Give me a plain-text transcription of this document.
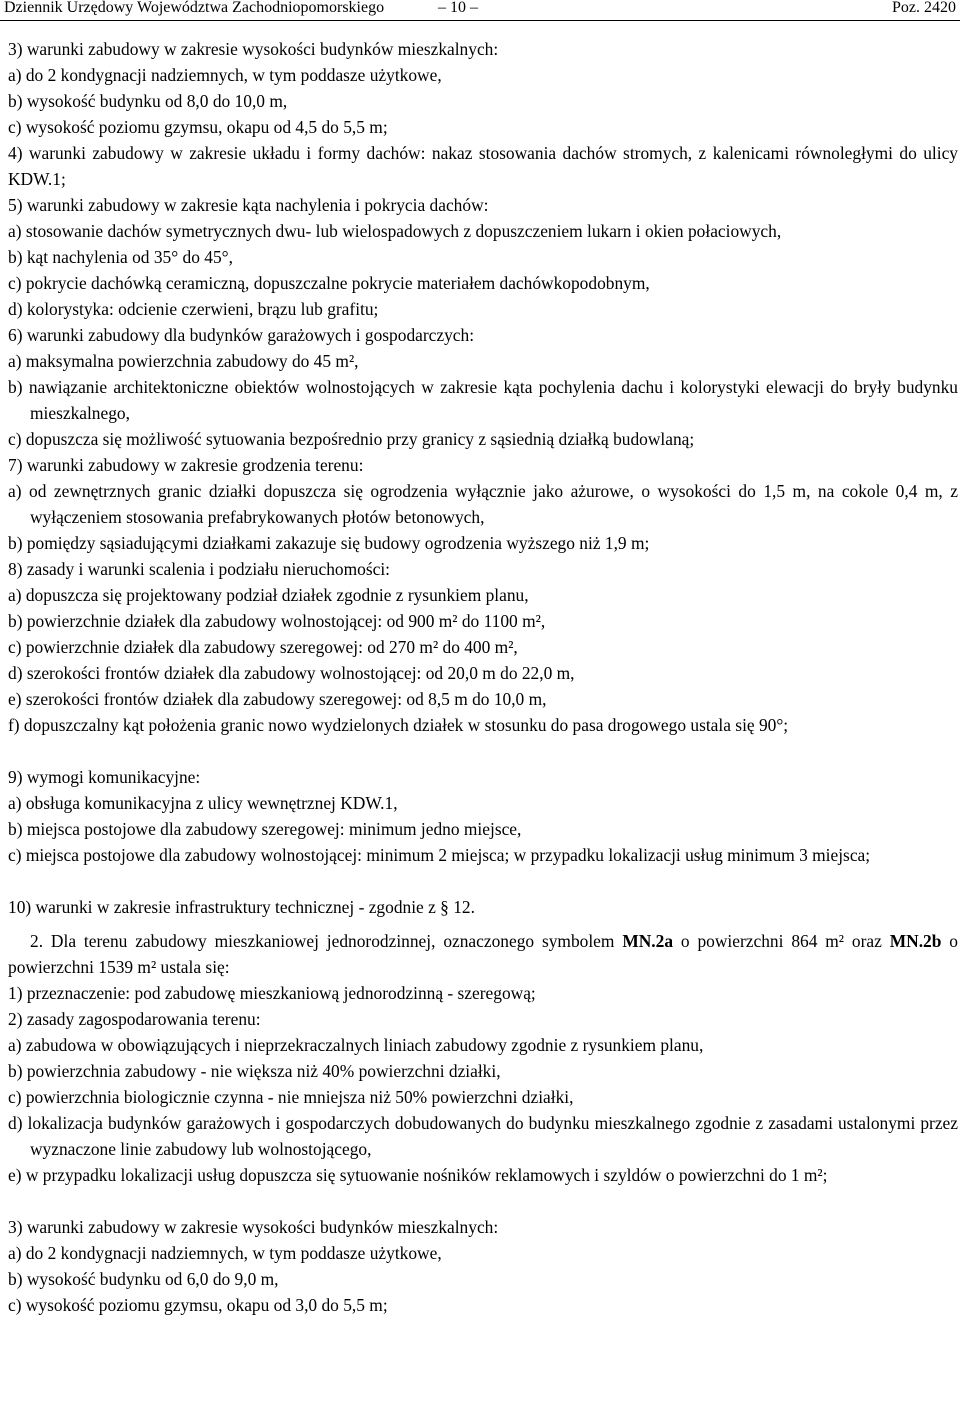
Dziennik Urzędowy Województwa Zachodniopomorskiego	– 10 –	Poz. 2420
3) warunki zabudowy w zakresie wysokości budynków mieszkalnych:
a) do 2 kondygnacji nadziemnych, w tym poddasze użytkowe,
b) wysokość budynku od 8,0 do 10,0 m,
c) wysokość poziomu gzymsu, okapu od 4,5 do 5,5 m;
4) warunki zabudowy w zakresie układu i formy dachów: nakaz stosowania dachów stromych, z kalenicami równoległymi do ulicy KDW.1;
5) warunki zabudowy w zakresie kąta nachylenia i pokrycia dachów:
a) stosowanie dachów symetrycznych dwu- lub wielospadowych z dopuszczeniem lukarn i okien połaciowych,
b) kąt nachylenia od 35° do 45°,
c) pokrycie dachówką ceramiczną, dopuszczalne pokrycie materiałem dachówkopodobnym,
d) kolorystyka: odcienie czerwieni, brązu lub grafitu;
6) warunki zabudowy dla budynków garażowych i gospodarczych:
a) maksymalna powierzchnia zabudowy do 45 m²,
b) nawiązanie architektoniczne obiektów wolnostojących w zakresie kąta pochylenia dachu i kolorystyki elewacji do bryły budynku mieszkalnego,
c) dopuszcza się możliwość sytuowania bezpośrednio przy granicy z sąsiednią działką budowlaną;
7) warunki zabudowy w zakresie grodzenia terenu:
a) od zewnętrznych granic działki dopuszcza się ogrodzenia wyłącznie jako ażurowe, o wysokości do 1,5 m, na cokole 0,4 m, z wyłączeniem stosowania prefabrykowanych płotów betonowych,
b) pomiędzy sąsiadującymi działkami zakazuje się budowy ogrodzenia wyższego niż 1,9 m;
8) zasady i warunki scalenia i podziału nieruchomości:
a) dopuszcza się projektowany podział działek zgodnie z rysunkiem planu,
b) powierzchnie działek dla zabudowy wolnostojącej: od 900 m² do 1100 m²,
c) powierzchnie działek dla zabudowy szeregowej: od 270 m² do 400 m²,
d) szerokości frontów działek dla zabudowy wolnostojącej: od 20,0 m do 22,0 m,
e) szerokości frontów działek dla zabudowy szeregowej: od 8,5 m do 10,0 m,
f) dopuszczalny kąt położenia granic nowo wydzielonych działek w stosunku do pasa drogowego ustala się 90°;
9) wymogi komunikacyjne:
a) obsługa komunikacyjna z ulicy wewnętrznej KDW.1,
b) miejsca postojowe dla zabudowy szeregowej: minimum jedno miejsce,
c) miejsca postojowe dla zabudowy wolnostojącej: minimum 2 miejsca; w przypadku lokalizacji usług minimum 3 miejsca;
10) warunki w zakresie infrastruktury technicznej - zgodnie z § 12.
2. Dla terenu zabudowy mieszkaniowej jednorodzinnej, oznaczonego symbolem MN.2a o powierzchni 864 m² oraz MN.2b o powierzchni 1539 m² ustala się:
1) przeznaczenie: pod zabudowę mieszkaniową jednorodzinną - szeregową;
2) zasady zagospodarowania terenu:
a) zabudowa w obowiązujących i nieprzekraczalnych liniach zabudowy zgodnie z rysunkiem planu,
b) powierzchnia zabudowy - nie większa niż 40% powierzchni działki,
c) powierzchnia biologicznie czynna - nie mniejsza niż 50% powierzchni działki,
d) lokalizacja budynków garażowych i gospodarczych dobudowanych do budynku mieszkalnego zgodnie z zasadami ustalonymi przez wyznaczone linie zabudowy lub wolnostojącego,
e) w przypadku lokalizacji usług dopuszcza się sytuowanie nośników reklamowych i szyldów o powierzchni do 1 m²;
3) warunki zabudowy w zakresie wysokości budynków mieszkalnych:
a) do 2 kondygnacji nadziemnych, w tym poddasze użytkowe,
b) wysokość budynku od 6,0 do 9,0 m,
c) wysokość poziomu gzymsu, okapu od 3,0 do 5,5 m;
